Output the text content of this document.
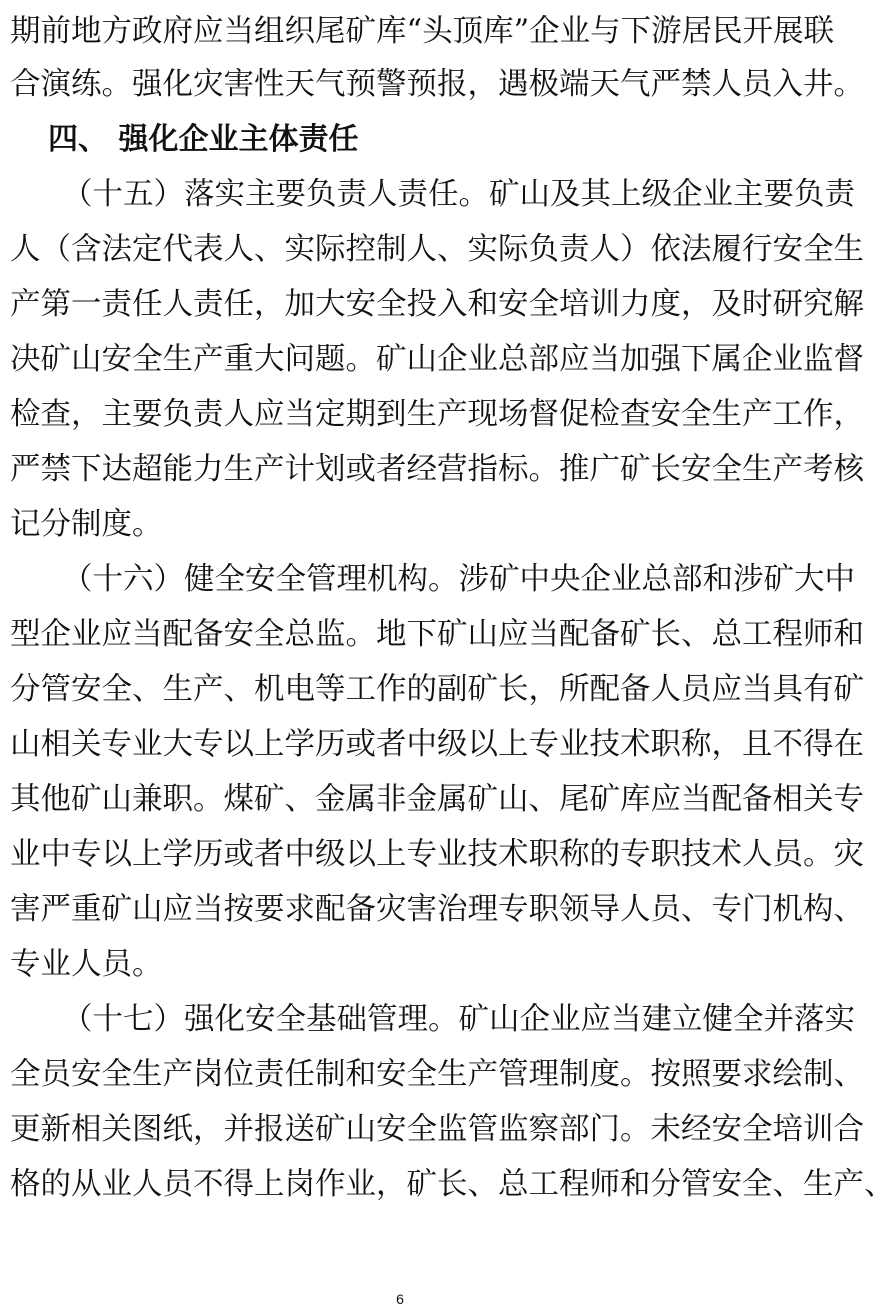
期前地方政府应当组织尾矿库“头顶库”企业与下游居民开展联
合演练。强化灾害性天气预警预报，遇极端天气严禁人员入井。
四、 强化企业主体责任
（十五）落实主要负责人责任。矿山及其上级企业主要负责
人（含法定代表人、实际控制人、实际负责人）依法履行安全生
产第一责任人责任，加大安全投入和安全培训力度，及时研究解
决矿山安全生产重大问题。矿山企业总部应当加强下属企业监督
检查，主要负责人应当定期到生产现场督促检查安全生产工作，
严禁下达超能力生产计划或者经营指标。推广矿长安全生产考核
记分制度。
（十六）健全安全管理机构。涉矿中央企业总部和涉矿大中
型企业应当配备安全总监。地下矿山应当配备矿长、总工程师和
分管安全、生产、机电等工作的副矿长，所配备人员应当具有矿
山相关专业大专以上学历或者中级以上专业技术职称，且不得在
其他矿山兼职。煤矿、金属非金属矿山、尾矿库应当配备相关专
业中专以上学历或者中级以上专业技术职称的专职技术人员。灾
害严重矿山应当按要求配备灾害治理专职领导人员、专门机构、
专业人员。
（十七）强化安全基础管理。矿山企业应当建立健全并落实
全员安全生产岗位责任制和安全生产管理制度。按照要求绘制、
更新相关图纸，并报送矿山安全监管监察部门。未经安全培训合
格的从业人员不得上岗作业，矿长、总工程师和分管安全、生产、
6
